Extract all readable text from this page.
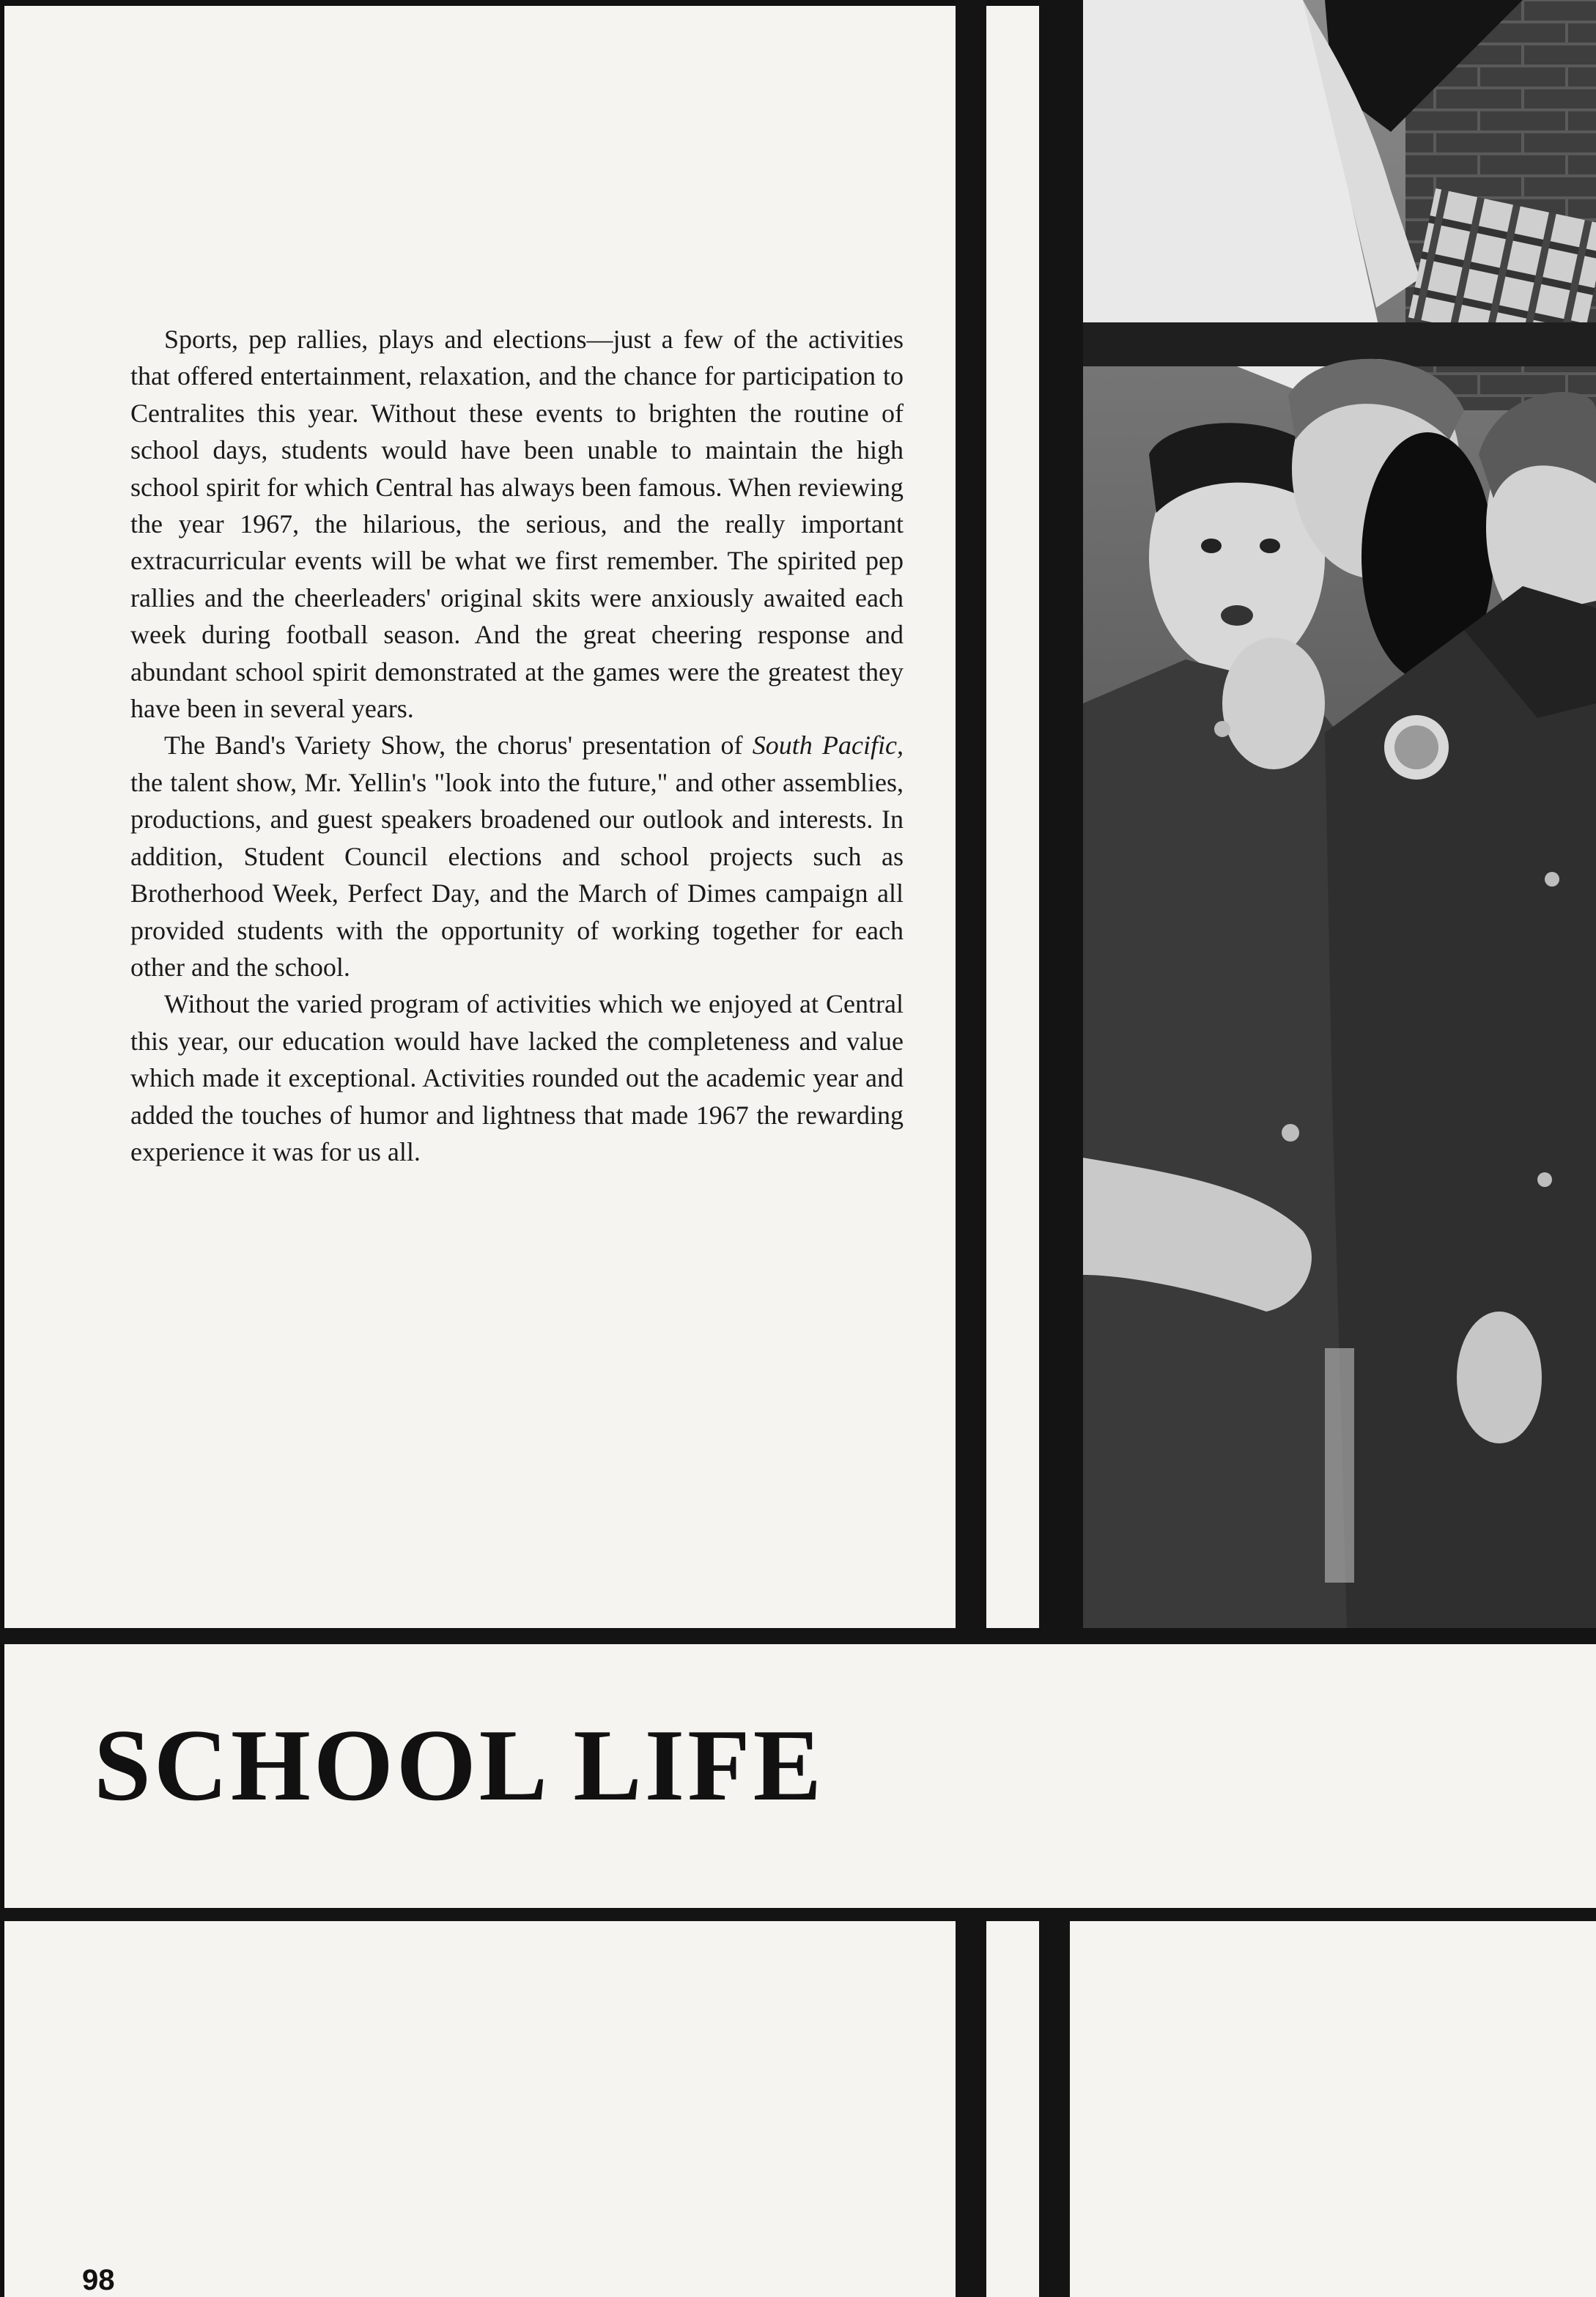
Sports, pep rallies, plays and elections—just a few of the activities that offered entertainment, relaxation, and the chance for participation to Centralites this year. Without these events to brighten the routine of school days, students would have been unable to maintain the high school spirit for which Central has always been famous. When reviewing the year 1967, the hilarious, the serious, and the really important extracurricular events will be what we first remember. The spirited pep rallies and the cheerleaders' original skits were anxiously awaited each week during football season. And the great cheering response and abundant school spirit demonstrated at the games were the greatest they have been in several years.

The Band's Variety Show, the chorus' presentation of South Pacific, the talent show, Mr. Yellin's "look into the future," and other assemblies, productions, and guest speakers broadened our outlook and interests. In addition, Student Council elections and school projects such as Brotherhood Week, Perfect Day, and the March of Dimes campaign all provided students with the opportunity of working together for each other and the school.

Without the varied program of activities which we enjoyed at Central this year, our education would have lacked the completeness and value which made it exceptional. Activities rounded out the academic year and added the touches of humor and lightness that made 1967 the rewarding experience it was for us all.

SCHOOL LIFE
98
